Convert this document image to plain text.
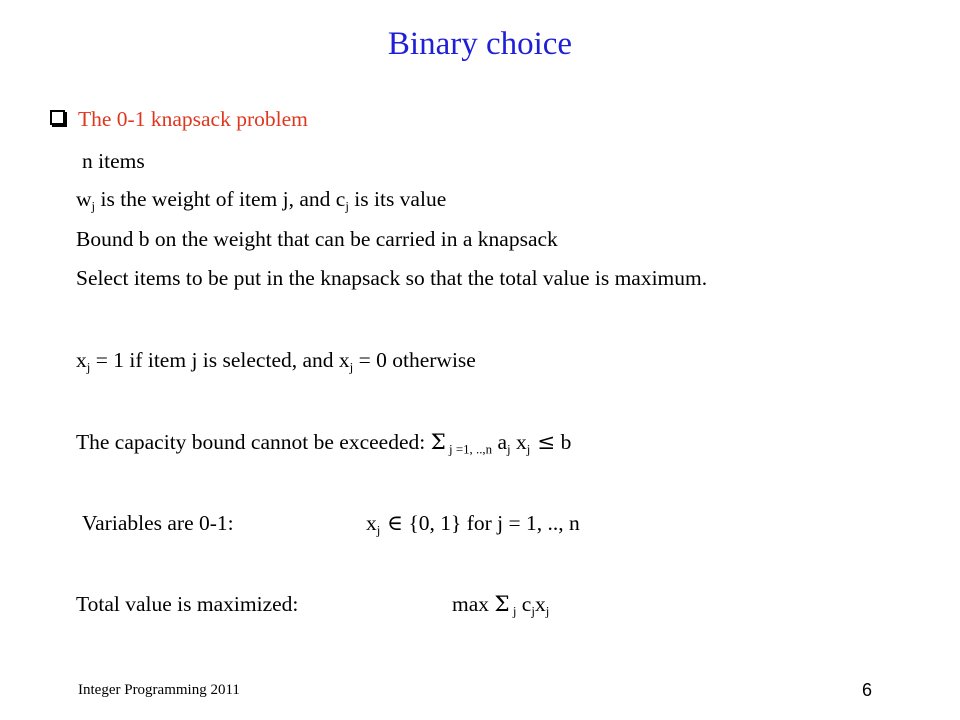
Binary choice
The 0-1 knapsack problem
n items
$w_j$ is the weight of item j, and $c_j$ is its value
Bound b on the weight that can be carried in a knapsack
Select items to be put in the knapsack so that the total value is maximum.
$x_j = 1$ if item j is selected, and $x_j = 0$ otherwise
The capacity bound cannot be exceeded: Σ $_{j =1, ..,n}$ $a_j$ $x_j \le b$
Variables are 0-1:	$x_j$ ∈ {0, 1} for j = 1, .., n
Total value is maximized:	max Σ $_j$ $c_jx_j$
Integer Programming 2011	6
